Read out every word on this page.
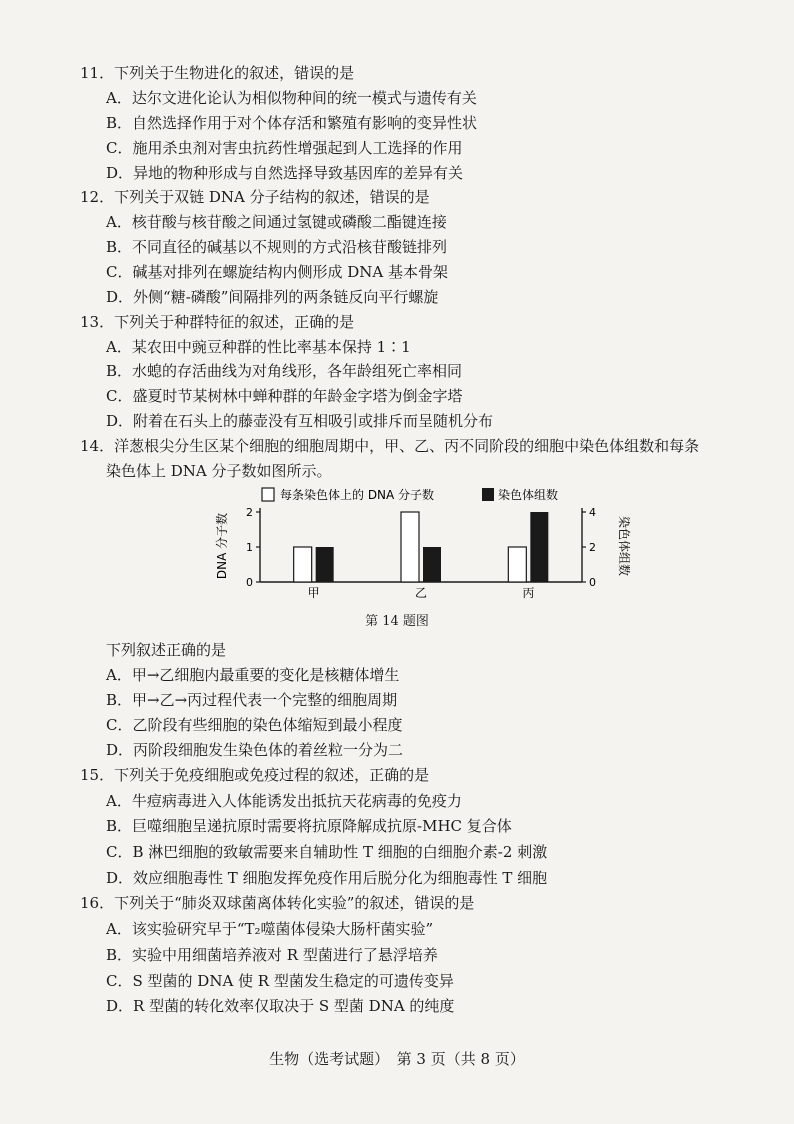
11．下列关于生物进化的叙述，错误的是
A．达尔文进化论认为相似物种间的统一模式与遗传有关
B．自然选择作用于对个体存活和繁殖有影响的变异性状
C．施用杀虫剂对害虫抗药性增强起到人工选择的作用
D．异地的物种形成与自然选择导致基因库的差异有关
12．下列关于双链 DNA 分子结构的叙述，错误的是
A．核苷酸与核苷酸之间通过氢键或磷酸二酯键连接
B．不同直径的碱基以不规则的方式沿核苷酸链排列
C．碱基对排列在螺旋结构内侧形成 DNA 基本骨架
D．外侧“糖-磷酸”间隔排列的两条链反向平行螺旋
13．下列关于种群特征的叙述，正确的是
A．某农田中豌豆种群的性比率基本保持 1∶1
B．水螅的存活曲线为对角线形，各年龄组死亡率相同
C．盛夏时节某树林中蝉种群的年龄金字塔为倒金字塔
D．附着在石头上的藤壶没有互相吸引或排斥而呈随机分布
14．洋葱根尖分生区某个细胞的细胞周期中，甲、乙、丙不同阶段的细胞中染色体组数和每条
染色体上 DNA 分子数如图所示。
每条染色体上的 DNA 分子数	染色体组数
0
1
2
0
2
4
DNA 分子数	染色体组数
甲	乙	丙
第 14 题图
下列叙述正确的是
A．甲→乙细胞内最重要的变化是核糖体增生
B．甲→乙→丙过程代表一个完整的细胞周期
C．乙阶段有些细胞的染色体缩短到最小程度
D．丙阶段细胞发生染色体的着丝粒一分为二
15．下列关于免疫细胞或免疫过程的叙述，正确的是
A．牛痘病毒进入人体能诱发出抵抗天花病毒的免疫力
B．巨噬细胞呈递抗原时需要将抗原降解成抗原-MHC 复合体
C．B 淋巴细胞的致敏需要来自辅助性 T 细胞的白细胞介素-2 刺激
D．效应细胞毒性 T 细胞发挥免疫作用后脱分化为细胞毒性 T 细胞
16．下列关于“肺炎双球菌离体转化实验”的叙述，错误的是
A．该实验研究早于“T₂噬菌体侵染大肠杆菌实验”
B．实验中用细菌培养液对 R 型菌进行了悬浮培养
C．S 型菌的 DNA 使 R 型菌发生稳定的可遗传变异
D．R 型菌的转化效率仅取决于 S 型菌 DNA 的纯度
生物（选考试题）　第 3 页（共 8 页）
